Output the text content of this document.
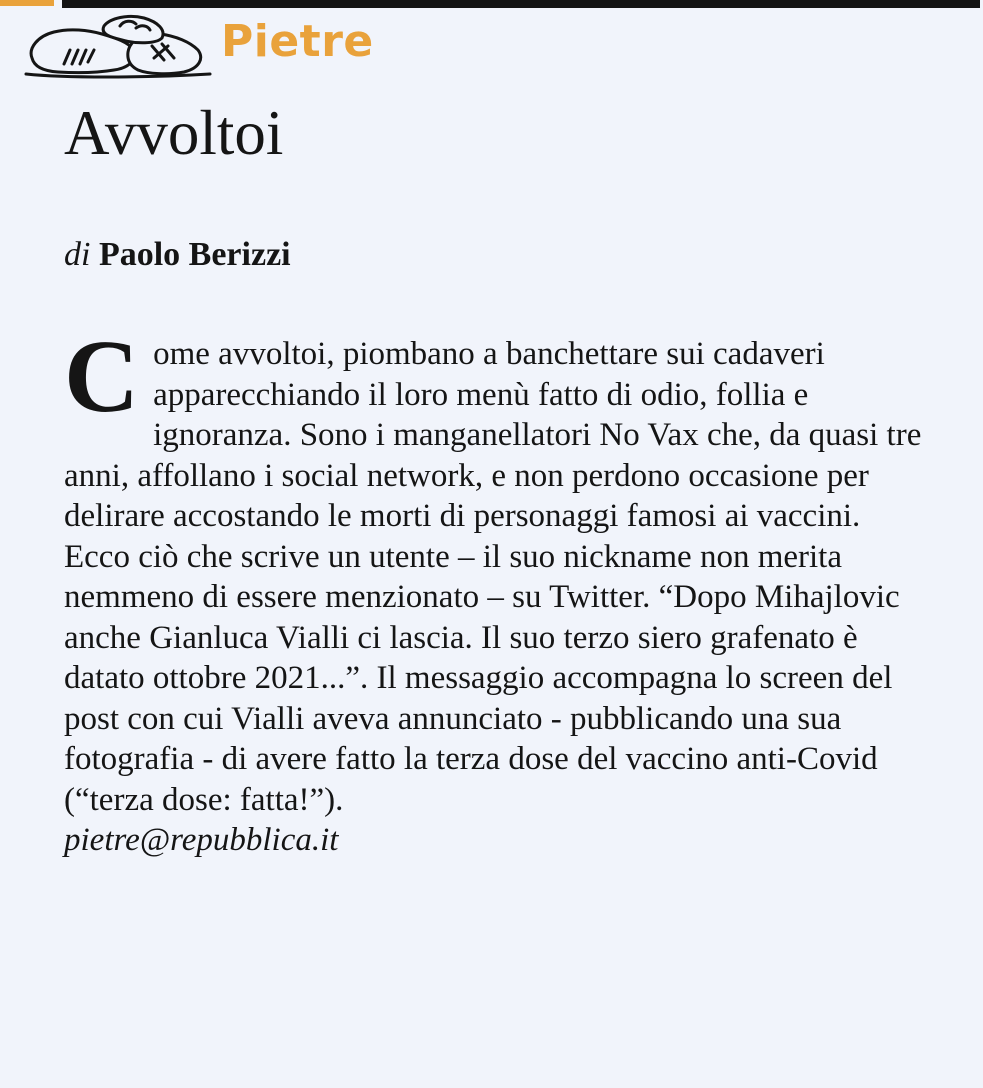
Pietre
Avvoltoi
di Paolo Berizzi

Come avvoltoi, piombano a banchettare sui cadaveri apparecchiando il loro menù fatto di odio, follia e ignoranza. Sono i manganellatori No Vax che, da quasi tre anni, affollano i social network, e non perdono occasione per delirare accostando le morti di personaggi famosi ai vaccini.

Ecco ciò che scrive un utente – il suo nickname non merita nemmeno di essere menzionato – su Twitter. “Dopo Mihajlovic anche Gianluca Vialli ci lascia. Il suo terzo siero grafenato è datato ottobre 2021...”. Il messaggio accompagna lo screen del post con cui Vialli aveva annunciato - pubblicando una sua fotografia - di avere fatto la terza dose del vaccino anti-Covid (“terza dose: fatta!”).

pietre@repubblica.it
